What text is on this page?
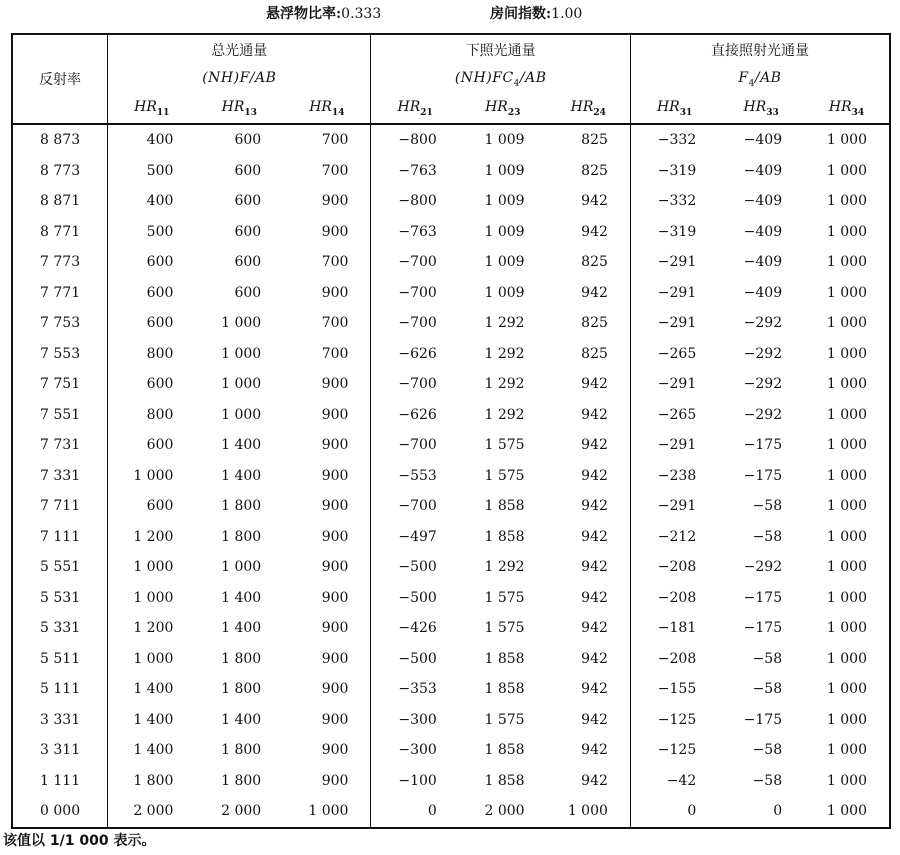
悬浮物比率:0.333	房间指数:1.00
反射率	总光通量			下照光通量			直接照射光通量		
	(NH)F/AB			$(NH)FC_4/AB$			$F_4/AB$		
	$HR_{11}$	$HR_{13}$	$HR_{14}$	$HR_{21}$	$HR_{23}$	$HR_{24}$	$HR_{31}$	$HR_{33}$	$HR_{34}$
8 873	400	600	700	−800	1 009	825	−332	−409	1 000
8 773	500	600	700	−763	1 009	825	−319	−409	1 000
8 871	400	600	900	−800	1 009	942	−332	−409	1 000
8 771	500	600	900	−763	1 009	942	−319	−409	1 000
7 773	600	600	700	−700	1 009	825	−291	−409	1 000
7 771	600	600	900	−700	1 009	942	−291	−409	1 000
7 753	600	1 000	700	−700	1 292	825	−291	−292	1 000
7 553	800	1 000	700	−626	1 292	825	−265	−292	1 000
7 751	600	1 000	900	−700	1 292	942	−291	−292	1 000
7 551	800	1 000	900	−626	1 292	942	−265	−292	1 000
7 731	600	1 400	900	−700	1 575	942	−291	−175	1 000
7 331	1 000	1 400	900	−553	1 575	942	−238	−175	1 000
7 711	600	1 800	900	−700	1 858	942	−291	−58	1 000
7 111	1 200	1 800	900	−497	1 858	942	−212	−58	1 000
5 551	1 000	1 000	900	−500	1 292	942	−208	−292	1 000
5 531	1 000	1 400	900	−500	1 575	942	−208	−175	1 000
5 331	1 200	1 400	900	−426	1 575	942	−181	−175	1 000
5 511	1 000	1 800	900	−500	1 858	942	−208	−58	1 000
5 111	1 400	1 800	900	−353	1 858	942	−155	−58	1 000
3 331	1 400	1 400	900	−300	1 575	942	−125	−175	1 000
3 311	1 400	1 800	900	−300	1 858	942	−125	−58	1 000
1 111	1 800	1 800	900	−100	1 858	942	−42	−58	1 000
0 000	2 000	2 000	1 000	0	2 000	1 000	0	0	1 000
该值以 1/1 000 表示。
